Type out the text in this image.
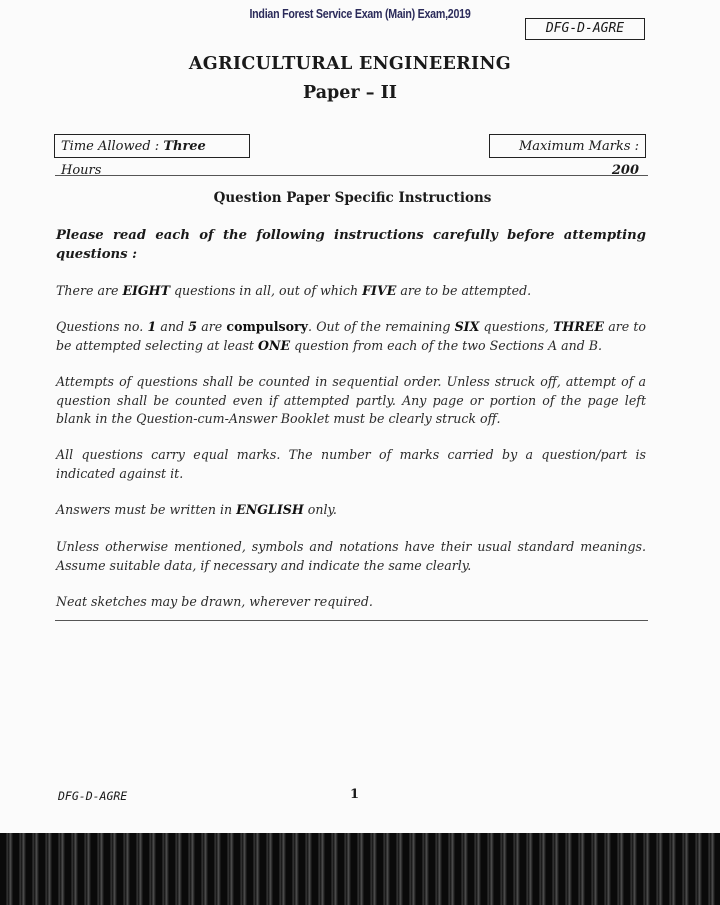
Indian Forest Service Exam (Main) Exam,2019
DFG-D-AGRE
AGRICULTURAL ENGINEERING
Paper – II
Time Allowed : Three Hours
Maximum Marks : 200
Question Paper Specific Instructions
Please read each of the following instructions carefully before attempting questions :
There are EIGHT questions in all, out of which FIVE are to be attempted.
Questions no. 1 and 5 are compulsory. Out of the remaining SIX questions, THREE are to be attempted selecting at least ONE question from each of the two Sections A and B.
Attempts of questions shall be counted in sequential order. Unless struck off, attempt of a question shall be counted even if attempted partly. Any page or portion of the page left blank in the Question-cum-Answer Booklet must be clearly struck off.
All questions carry equal marks. The number of marks carried by a question/part is indicated against it.
Answers must be written in ENGLISH only.
Unless otherwise mentioned, symbols and notations have their usual standard meanings. Assume suitable data, if necessary and indicate the same clearly.
Neat sketches may be drawn, wherever required.
DFG-D-AGRE	1
